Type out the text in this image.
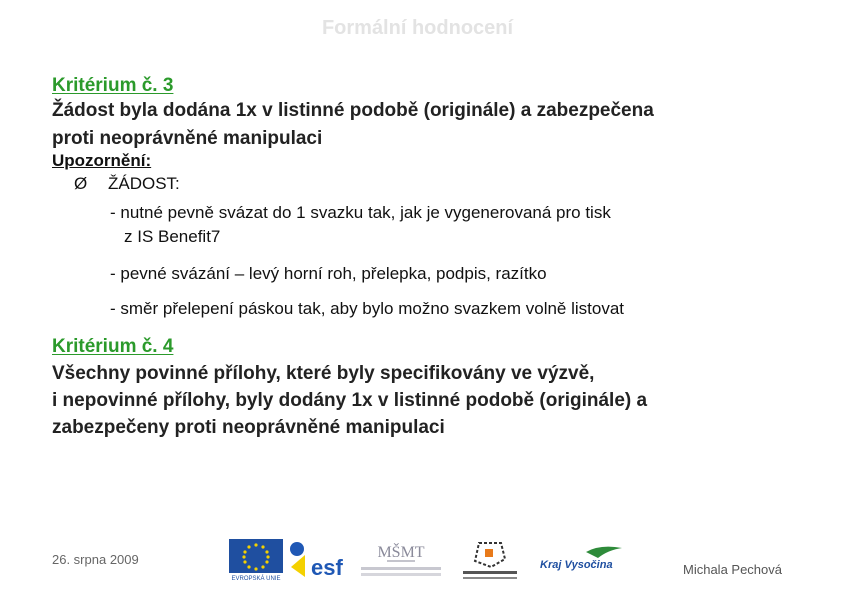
Formální hodnocení
Kritérium č. 3
Žádost byla dodána 1x v listinné podobě (originále) a zabezpečena
proti neoprávněné manipulaci
Upozornění:
Ø ŽÁDOST:
- nutné pevně svázat do 1 svazku tak, jak je vygenerovaná pro tisk
z IS Benefit7
- pevné svázání – levý horní roh, přelepka, podpis, razítko
- směr přelepení páskou tak, aby bylo možno svazkem volně listovat
Kritérium č. 4
Všechny povinné přílohy, které byly specifikovány ve výzvě,
i nepovinné přílohy, byly dodány 1x v listinné podobě (originále) a
zabezpečeny proti neoprávněné manipulaci
26. srpna 2009
EVROPSKÁ UNIE esf
MŠMT
Kraj Vysočina	Michala Pechová
